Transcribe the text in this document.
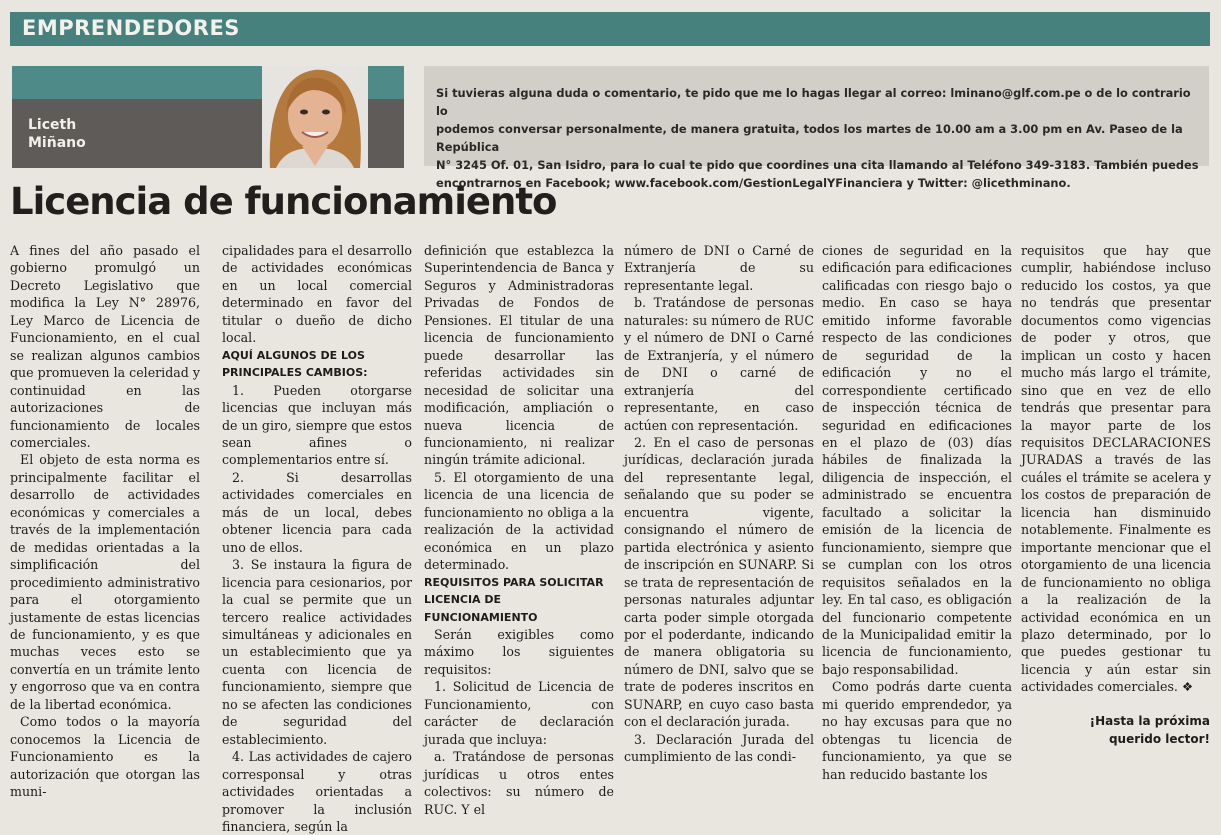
EMPRENDEDORES
Liceth
Miñano
Si tuvieras alguna duda o comentario, te pido que me lo hagas llegar al correo: lminano@glf.com.pe o de lo contrario lo
podemos conversar personalmente, de manera gratuita, todos los martes de 10.00 am a 3.00 pm en Av. Paseo de la República
N° 3245 Of. 01, San Isidro, para lo cual te pido que coordines una cita llamando al Teléfono 349-3183. También puedes
encontrarnos en Facebook; www.facebook.com/GestionLegalYFinanciera y Twitter: @licethminano.
Licencia de funcionamiento

A fines del año pasado el gobierno promulgó un Decreto Legislativo que modifica la Ley N° 28976, Ley Marco de Licencia de Funcionamiento, en el cual se realizan algunos cambios que promueven la celeridad y continuidad en las autorizaciones de funcionamiento de locales comerciales.

El objeto de esta norma es principalmente facilitar el desarrollo de actividades económicas y comerciales a través de la implementación de medidas orientadas a la simplificación del procedimiento administrativo para el otorgamiento justamente de estas licencias de funcionamiento, y es que muchas veces esto se convertía en un trámite lento y engorroso que va en contra de la libertad económica.

Como todos o la mayoría conocemos la Licencia de Funcionamiento es la autorización que otorgan las muni-

cipalidades para el desarrollo de actividades económicas en un local comercial determinado en favor del titular o dueño de dicho local.

AQUÍ ALGUNOS DE LOS PRINCIPALES CAMBIOS:

1. Pueden otorgarse licencias que incluyan más de un giro, siempre que estos sean afines o complementarios entre sí.

2. Si desarrollas actividades comerciales en más de un local, debes obtener licencia para cada uno de ellos.

3. Se instaura la figura de licencia para cesionarios, por la cual se permite que un tercero realice actividades simultáneas y adicionales en un establecimiento que ya cuenta con licencia de funcionamiento, siempre que no se afecten las condiciones de seguridad del establecimiento.

4. Las actividades de cajero corresponsal y otras actividades orientadas a promover la inclusión financiera, según la

definición que establezca la Superintendencia de Banca y Seguros y Administradoras Privadas de Fondos de Pensiones. El titular de una licencia de funcionamiento puede desarrollar las referidas actividades sin necesidad de solicitar una modificación, ampliación o nueva licencia de funcionamiento, ni realizar ningún trámite adicional.

5. El otorgamiento de una licencia de una licencia de funcionamiento no obliga a la realización de la actividad económica en un plazo determinado.

REQUISITOS PARA SOLICITAR LICENCIA DE FUNCIONAMIENTO

Serán exigibles como máximo los siguientes requisitos:

1. Solicitud de Licencia de Funcionamiento, con carácter de declaración jurada que incluya:

a. Tratándose de personas jurídicas u otros entes colectivos: su número de RUC. Y el

número de DNI o Carné de Extranjería de su representante legal.

b. Tratándose de personas naturales: su número de RUC y el número de DNI o Carné de Extranjería, y el número de DNI o carné de extranjería del representante, en caso actúen con representación.

2. En el caso de personas jurídicas, declaración jurada del representante legal, señalando que su poder se encuentra vigente, consignando el número de partida electrónica y asiento de inscripción en SUNARP. Si se trata de representación de personas naturales adjuntar carta poder simple otorgada por el poderdante, indicando de manera obligatoria su número de DNI, salvo que se trate de poderes inscritos en SUNARP, en cuyo caso basta con el declaración jurada.

3. Declaración Jurada del cumplimiento de las condi-

ciones de seguridad en la edificación para edificaciones calificadas con riesgo bajo o medio. En caso se haya emitido informe favorable respecto de las condiciones de seguridad de la edificación y no el correspondiente certificado de inspección técnica de seguridad en edificaciones en el plazo de (03) días hábiles de finalizada la diligencia de inspección, el administrado se encuentra facultado a solicitar la emisión de la licencia de funcionamiento, siempre que se cumplan con los otros requisitos señalados en la ley. En tal caso, es obligación del funcionario competente de la Municipalidad emitir la licencia de funcionamiento, bajo responsabilidad.

Como podrás darte cuenta mi querido emprendedor, ya no hay excusas para que no obtengas tu licencia de funcionamiento, ya que se han reducido bastante los

requisitos que hay que cumplir, habiéndose incluso reducido los costos, ya que no tendrás que presentar documentos como vigencias de poder y otros, que implican un costo y hacen mucho más largo el trámite, sino que en vez de ello tendrás que presentar para la mayor parte de los requisitos DECLARACIONES JURADAS a través de las cuáles el trámite se acelera y los costos de preparación de licencia han disminuido notablemente. Finalmente es importante mencionar que el otorgamiento de una licencia de funcionamiento no obliga a la realización de la actividad económica en un plazo determinado, por lo que puedes gestionar tu licencia y aún estar sin actividades comerciales. ❖

¡Hasta la próxima
querido lector!
